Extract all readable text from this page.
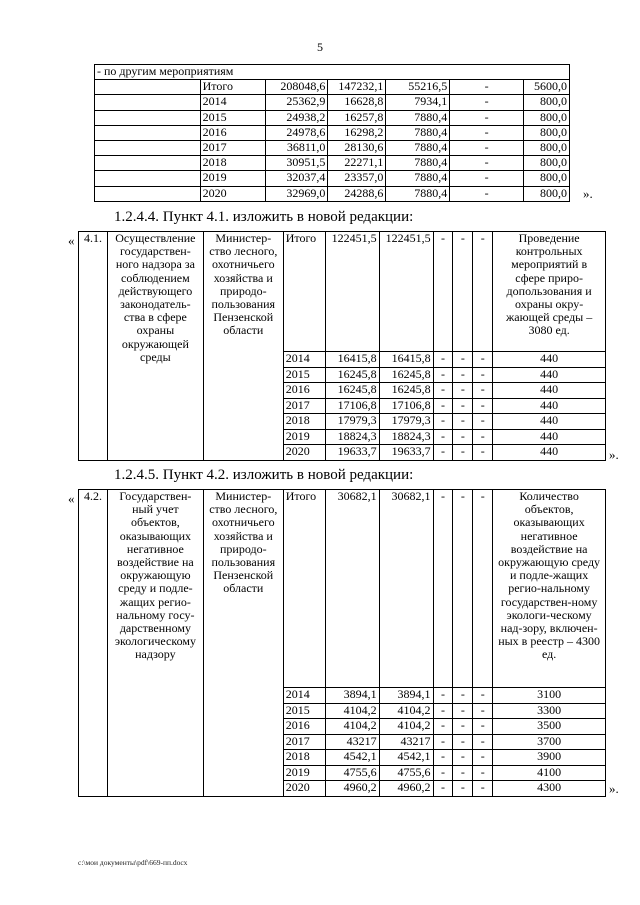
5
- по другим мероприятиям						
	Итого	208048,6	147232,1	55216,5	-	5600,0
	2014	25362,9	16628,8	7934,1	-	800,0
	2015	24938,2	16257,8	7880,4	-	800,0
	2016	24978,6	16298,2	7880,4	-	800,0
	2017	36811,0	28130,6	7880,4	-	800,0
	2018	30951,5	22271,1	7880,4	-	800,0
	2019	32037,4	23357,0	7880,4	-	800,0
	2020	32969,0	24288,6	7880,4	-	800,0 ».
1.2.4.4. Пункт 4.1. изложить в новой редакции:
« 4.1.	Осуществление государствен-ного надзора за соблюдением действующего законодатель-ства в сфере охраны окружающей среды	Министер-ство лесного, охотничьего хозяйства и природо-пользования Пензенской области	Итого	122451,5	122451,5	-	-	-	Проведение контрольных мероприятий в сфере приро-допользования и охраны окру-жающей среды – 3080 ед.
			2014	16415,8	16415,8	-	-	-	440
			2015	16245,8	16245,8	-	-	-	440
			2016	16245,8	16245,8	-	-	-	440
			2017	17106,8	17106,8	-	-	-	440
			2018	17979,3	17979,3	-	-	-	440
			2019	18824,3	18824,3	-	-	-	440
			2020	19633,7	19633,7	-	-	-	440	».
1.2.4.5. Пункт 4.2. изложить в новой редакции:
« 4.2.	Государствен-ный учет объектов, оказывающих негативное воздействие на окружающую среду и подле-жащих регио-нальному госу-дарственному экологическому надзору	Министер-ство лесного, охотничьего хозяйства и природо-пользования Пензенской области	Итого	30682,1	30682,1	-	-	-	Количество объектов, оказывающих негативное воздействие на окружающую среду и подле-жащих регио-нальному государствен-ному экологи-ческому над-зору, включен-ных в реестр – 4300 ед.
			2014	3894,1	3894,1	-	-	-	3100
			2015	4104,2	4104,2	-	-	-	3300
			2016	4104,2	4104,2	-	-	-	3500
			2017	43217	43217	-	-	-	3700
			2018	4542,1	4542,1	-	-	-	3900
			2019	4755,6	4755,6	-	-	-	4100
			2020	4960,2	4960,2	-	-	-	4300	».
c:\мои документы\pdf\669-пп.docx
